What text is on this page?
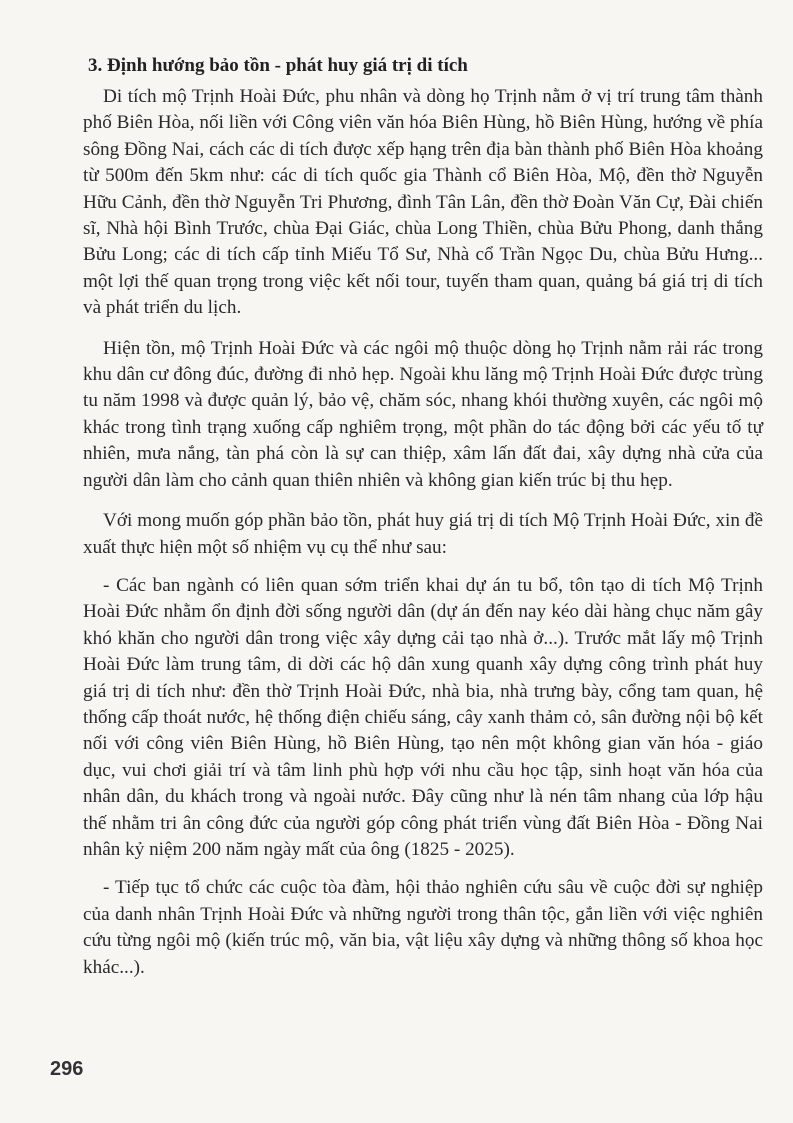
3. Định hướng bảo tồn - phát huy giá trị di tích

Di tích mộ Trịnh Hoài Đức, phu nhân và dòng họ Trịnh nằm ở vị trí trung tâm thành phố Biên Hòa, nối liền với Công viên văn hóa Biên Hùng, hồ Biên Hùng, hướng về phía sông Đồng Nai, cách các di tích được xếp hạng trên địa bàn thành phố Biên Hòa khoảng từ 500m đến 5km như: các di tích quốc gia Thành cổ Biên Hòa, Mộ, đền thờ Nguyễn Hữu Cảnh, đền thờ Nguyễn Tri Phương, đình Tân Lân, đền thờ Đoàn Văn Cự, Đài chiến sĩ, Nhà hội Bình Trước, chùa Đại Giác, chùa Long Thiền, chùa Bửu Phong, danh thắng Bửu Long; các di tích cấp tỉnh Miếu Tổ Sư, Nhà cổ Trần Ngọc Du, chùa Bửu Hưng... một lợi thế quan trọng trong việc kết nối tour, tuyến tham quan, quảng bá giá trị di tích và phát triển du lịch.

Hiện tồn, mộ Trịnh Hoài Đức và các ngôi mộ thuộc dòng họ Trịnh nằm rải rác trong khu dân cư đông đúc, đường đi nhỏ hẹp. Ngoài khu lăng mộ Trịnh Hoài Đức được trùng tu năm 1998 và được quản lý, bảo vệ, chăm sóc, nhang khói thường xuyên, các ngôi mộ khác trong tình trạng xuống cấp nghiêm trọng, một phần do tác động bởi các yếu tố tự nhiên, mưa nắng, tàn phá còn là sự can thiệp, xâm lấn đất đai, xây dựng nhà cửa của người dân làm cho cảnh quan thiên nhiên và không gian kiến trúc bị thu hẹp.

Với mong muốn góp phần bảo tồn, phát huy giá trị di tích Mộ Trịnh Hoài Đức, xin đề xuất thực hiện một số nhiệm vụ cụ thể như sau:

- Các ban ngành có liên quan sớm triển khai dự án tu bổ, tôn tạo di tích Mộ Trịnh Hoài Đức nhằm ổn định đời sống người dân (dự án đến nay kéo dài hàng chục năm gây khó khăn cho người dân trong việc xây dựng cải tạo nhà ở...). Trước mắt lấy mộ Trịnh Hoài Đức làm trung tâm, di dời các hộ dân xung quanh xây dựng công trình phát huy giá trị di tích như: đền thờ Trịnh Hoài Đức, nhà bia, nhà trưng bày, cổng tam quan, hệ thống cấp thoát nước, hệ thống điện chiếu sáng, cây xanh thảm cỏ, sân đường nội bộ kết nối với công viên Biên Hùng, hồ Biên Hùng, tạo nên một không gian văn hóa - giáo dục, vui chơi giải trí và tâm linh phù hợp với nhu cầu học tập, sinh hoạt văn hóa của nhân dân, du khách trong và ngoài nước. Đây cũng như là nén tâm nhang của lớp hậu thế nhằm tri ân công đức của người góp công phát triển vùng đất Biên Hòa - Đồng Nai nhân kỷ niệm 200 năm ngày mất của ông (1825 - 2025).

- Tiếp tục tổ chức các cuộc tòa đàm, hội thảo nghiên cứu sâu về cuộc đời sự nghiệp của danh nhân Trịnh Hoài Đức và những người trong thân tộc, gắn liền với việc nghiên cứu từng ngôi mộ (kiến trúc mộ, văn bia, vật liệu xây dựng và những thông số khoa học khác...).

296
